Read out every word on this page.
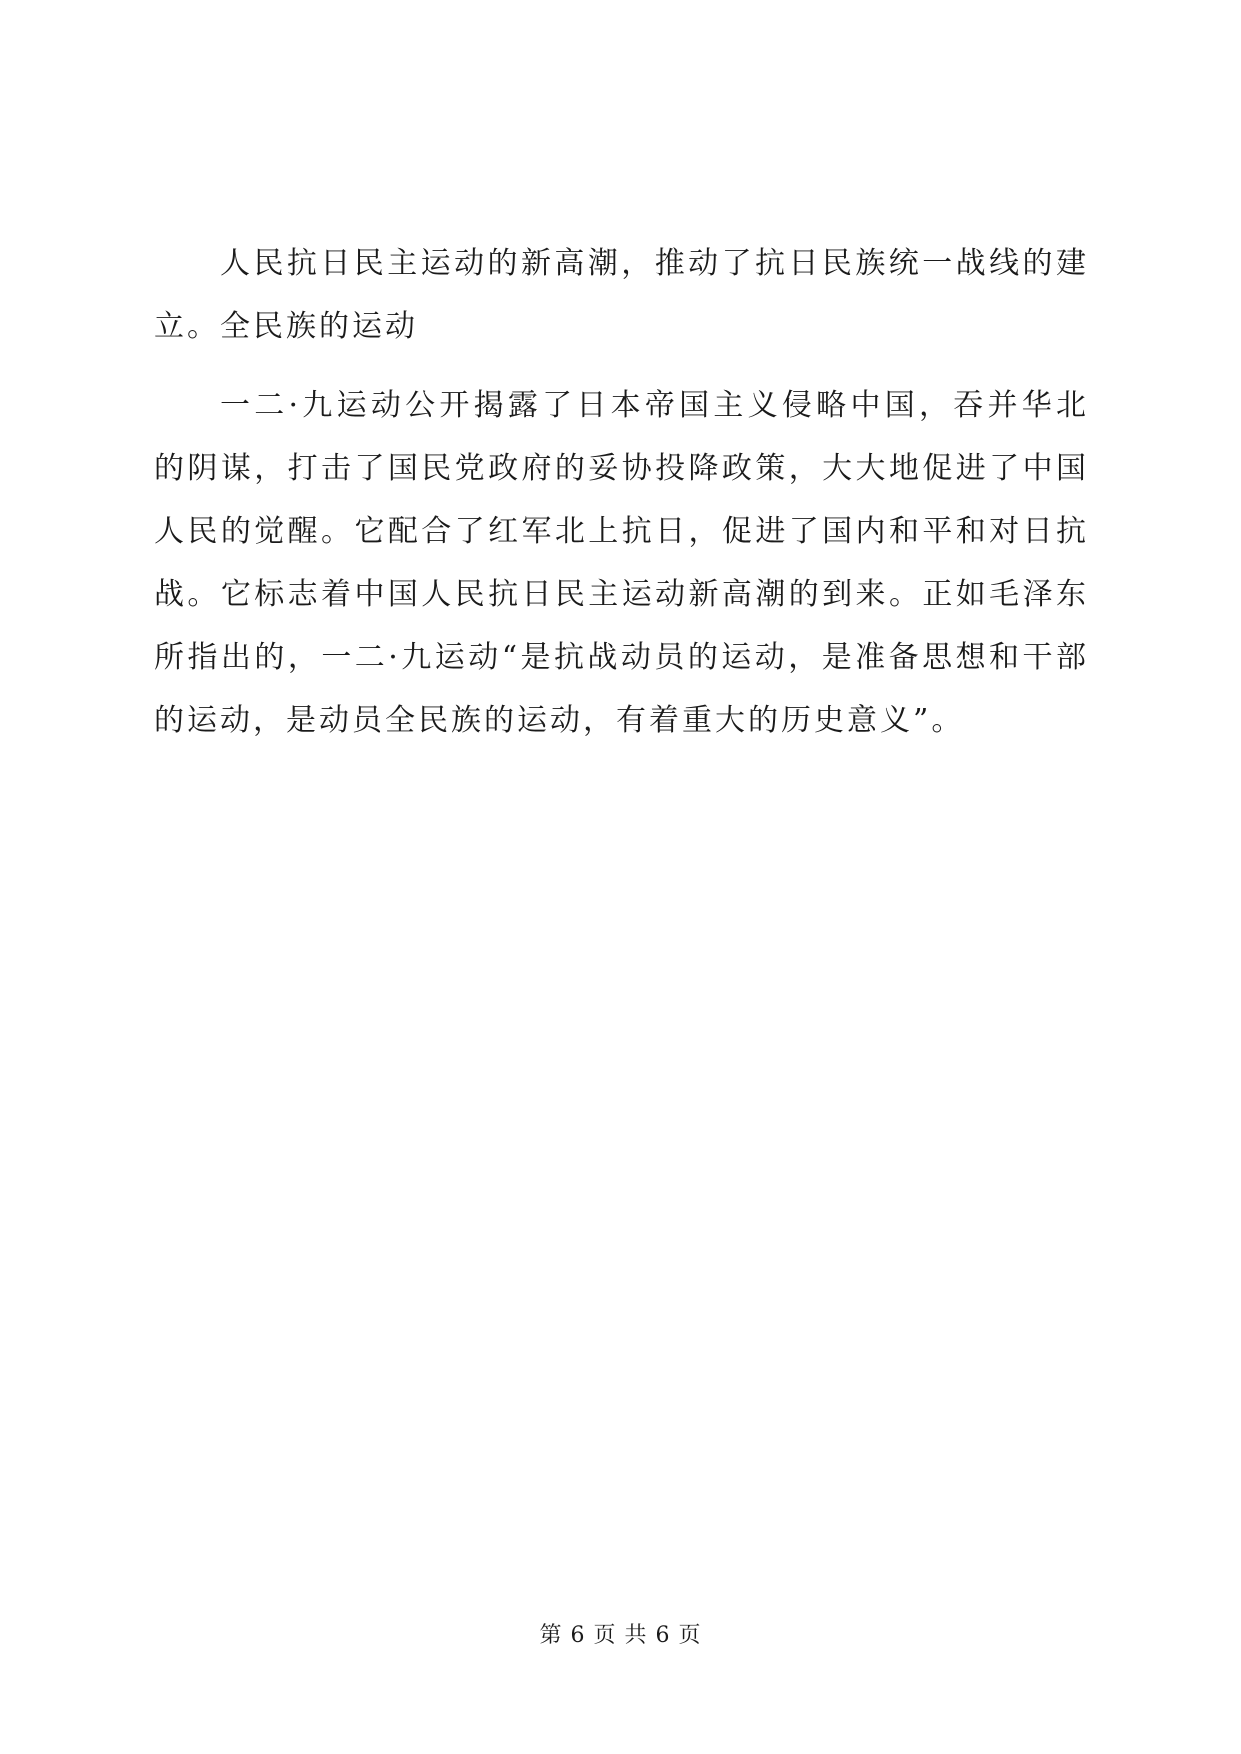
人民抗日民主运动的新高潮，推动了抗日民族统一战线的建立。全民族的运动

一二·九运动公开揭露了日本帝国主义侵略中国，吞并华北的阴谋，打击了国民党政府的妥协投降政策，大大地促进了中国人民的觉醒。它配合了红军北上抗日，促进了国内和平和对日抗战。它标志着中国人民抗日民主运动新高潮的到来。正如毛泽东所指出的，一二·九运动“是抗战动员的运动，是准备思想和干部的运动，是动员全民族的运动，有着重大的历史意义”。

第 6 页 共 6 页
